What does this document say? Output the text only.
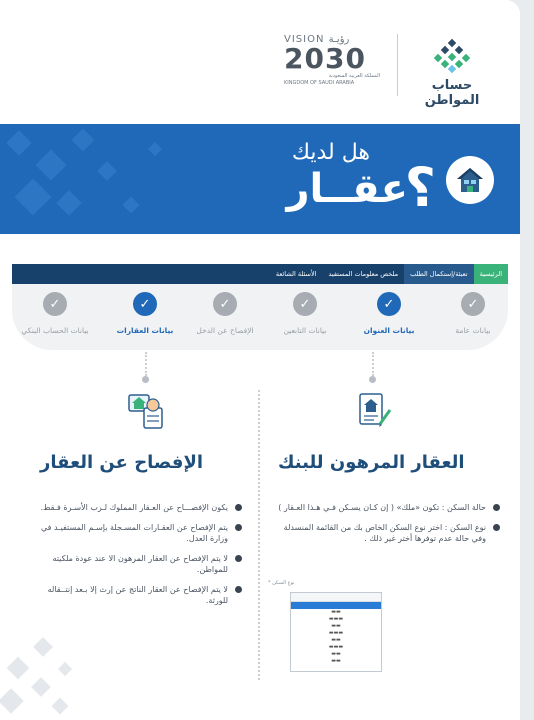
حساب المواطن
VISION رؤيـة
2030
المملكة العربية السعودية
KINGDOM OF SAUDI ARABIA
هل لديك
عقــار
؟
الرئيسية
تعبئة/إستكمال الطلب
ملخص معلومات المستفيد
الأسئلة الشائعة
✓
بيانات عامة
✓
بيانات العنوان
✓
بيانات التابعين
✓
الإفصاح عن الدخل
✓
بيانات العقارات
✓
بيانات الحساب البنكي
الإفصاح عن العقار
يكون الإفصـــاح عن العـقار المملوك لـرب الأسـرة فـقط.
يتم الإفصاح عن العقـارات المسـجلة بإسـم المستفيـد في وزارة العدل.
لا يتم الإفصاح عن العقار المرهون الا عند عودة ملكيته للمواطن.
لا يتم الإفصاح عن العقار الناتج عن إرث إلا بـعد إنتــقاله للورثة.
العقار المرهون للبنك
حالة السكن : تكون «ملك» ( إن كـان يسـكن فـي هـذا العـقار )
نوع السكن : اختر نوع السكن الخاص بك من القائمة المنسدلة وفي حالة عدم توفرها أختر غير ذلك .
نوع السكن *
▬▬
▬▬▬
▬▬
▬▬▬
▬▬
▬▬▬
▬▬
▬▬
